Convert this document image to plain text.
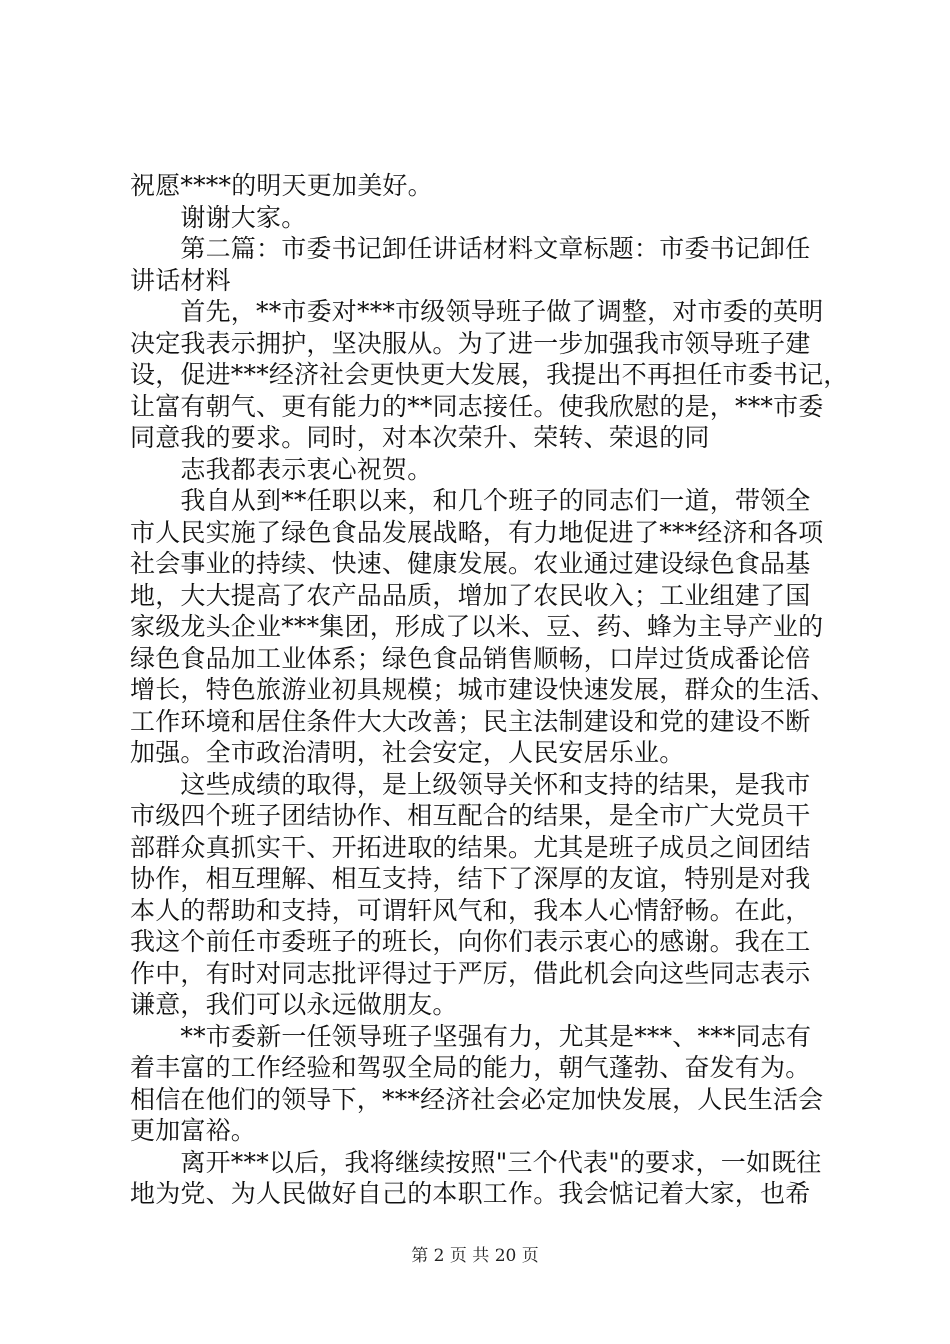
祝愿****的明天更加美好。
　　谢谢大家。
　　第二篇：市委书记卸任讲话材料文章标题：市委书记卸任
讲话材料
　　首先，**市委对***市级领导班子做了调整，对市委的英明
决定我表示拥护，坚决服从。为了进一步加强我市领导班子建
设，促进***经济社会更快更大发展，我提出不再担任市委书记，
让富有朝气、更有能力的**同志接任。使我欣慰的是，***市委
同意我的要求。同时，对本次荣升、荣转、荣退的同
　　志我都表示衷心祝贺。
　　我自从到**任职以来，和几个班子的同志们一道，带领全
市人民实施了绿色食品发展战略，有力地促进了***经济和各项
社会事业的持续、快速、健康发展。农业通过建设绿色食品基
地，大大提高了农产品品质，增加了农民收入；工业组建了国
家级龙头企业***集团，形成了以米、豆、药、蜂为主导产业的
绿色食品加工业体系；绿色食品销售顺畅，口岸过货成番论倍
增长，特色旅游业初具规模；城市建设快速发展，群众的生活、
工作环境和居住条件大大改善；民主法制建设和党的建设不断
加强。全市政治清明，社会安定，人民安居乐业。
　　这些成绩的取得，是上级领导关怀和支持的结果，是我市
市级四个班子团结协作、相互配合的结果，是全市广大党员干
部群众真抓实干、开拓进取的结果。尤其是班子成员之间团结
协作，相互理解、相互支持，结下了深厚的友谊，特别是对我
本人的帮助和支持，可谓轩风气和，我本人心情舒畅。在此，
我这个前任市委班子的班长，向你们表示衷心的感谢。我在工
作中，有时对同志批评得过于严厉，借此机会向这些同志表示
谦意，我们可以永远做朋友。
　　**市委新一任领导班子坚强有力，尤其是***、***同志有
着丰富的工作经验和驾驭全局的能力，朝气蓬勃、奋发有为。
相信在他们的领导下，***经济社会必定加快发展，人民生活会
更加富裕。
　　离开***以后，我将继续按照"三个代表"的要求，一如既往
地为党、为人民做好自己的本职工作。我会惦记着大家，也希
第 2 页 共 20 页
